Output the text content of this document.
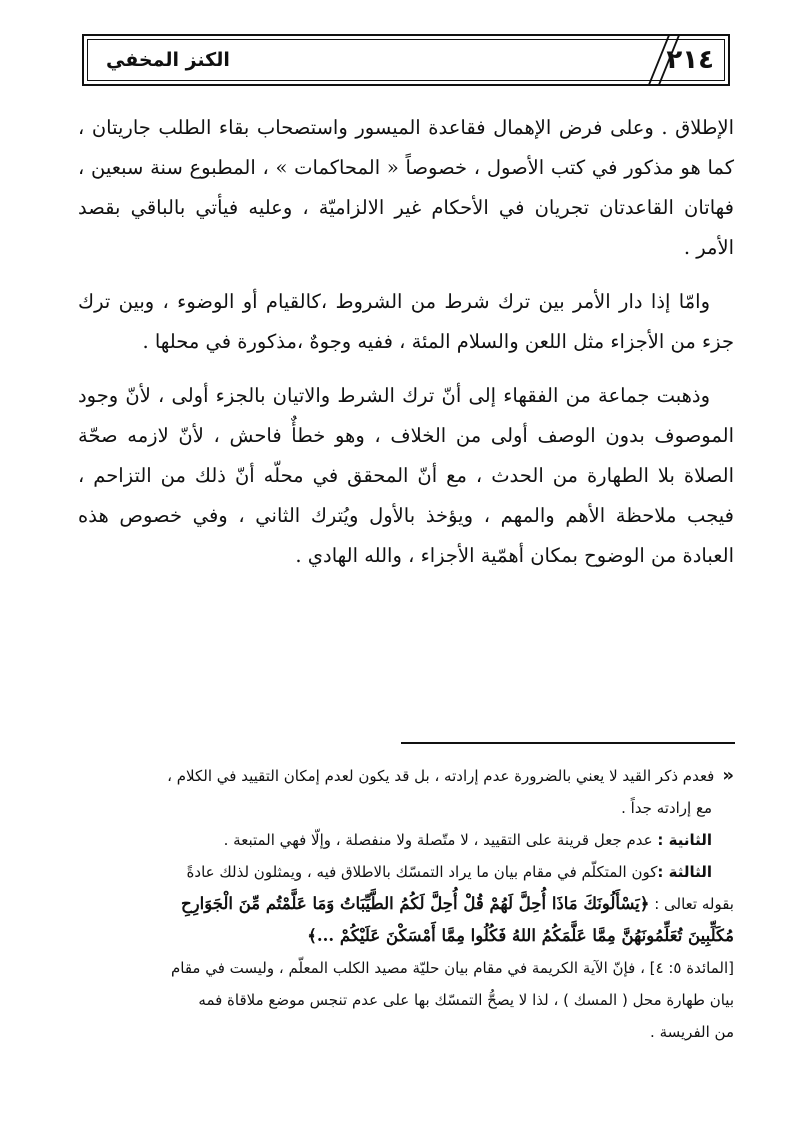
٢١٤
الكنز المخفي

الإطلاق . وعلى فرض الإهمال فقاعدة الميسور واستصحاب بقاء الطلب جاريتان ، كما هو مذكور في كتب الأصول ، خصوصاً « المحاكمات » ، المطبوع سنة سبعين ، فهاتان القاعدتان تجريان في الأحكام غير الالزاميّة ، وعليه فيأتي بالباقي بقصد الأمر .

وامّا إذا دار الأمر بين ترك شرط من الشروط ،كالقيام أو الوضوء ، وبين ترك جزء من الأجزاء مثل اللعن والسلام المئة ، ففيه وجوهٌ ،مذكورة في محلها .

وذهبت جماعة من الفقهاء إلى أنّ ترك الشرط والاتيان بالجزء أولى ، لأنّ وجود الموصوف بدون الوصف أولى من الخلاف ، وهو خطأٌ فاحش ، لأنّ لازمه صحّة الصلاة بلا الطهارة من الحدث ، مع أنّ المحقق في محلّه أنّ ذلك من التزاحم ، فيجب ملاحظة الأهم والمهم ، ويؤخذ بالأول ويُترك الثاني ، وفي خصوص هذه العبادة من الوضوح بمكان أهمّية الأجزاء ، والله الهادي .

«فعدم ذكر القيد لا يعني بالضرورة عدم إرادته ، بل قد يكون لعدم إمكان التقييد في الكلام ،

مع إرادته جداً .

الثانية : عدم جعل قرينة على التقييد ، لا متّصلة ولا منفصلة ، وإلّا فهي المتبعة .

الثالثة :كون المتكلّم في مقام بيان ما يراد التمسّك بالاطلاق فيه ، ويمثلون لذلك عادةً

بقوله تعالى : ﴿يَسْأَلُونَكَ مَاذَا أُحِلَّ لَهُمْ قُلْ أُحِلَّ لَكُمُ الطَّيِّبَاتُ وَمَا عَلَّمْتُم مِّنَ الْجَوَارِحِ

مُكَلِّبِينَ تُعَلِّمُونَهُنَّ مِمَّا عَلَّمَكُمُ اللهُ فَكُلُوا مِمَّا أَمْسَكْنَ عَلَيْكُمْ ...﴾

[المائدة ٥: ٤] ، فإنّ الآية الكريمة في مقام بيان حليّة مصيد الكلب المعلّم ، وليست في مقام

بيان طهارة محل ( المسك ) ، لذا لا يصحُّ التمسّك بها على عدم تنجس موضع ملاقاة فمه

من الفريسة .
